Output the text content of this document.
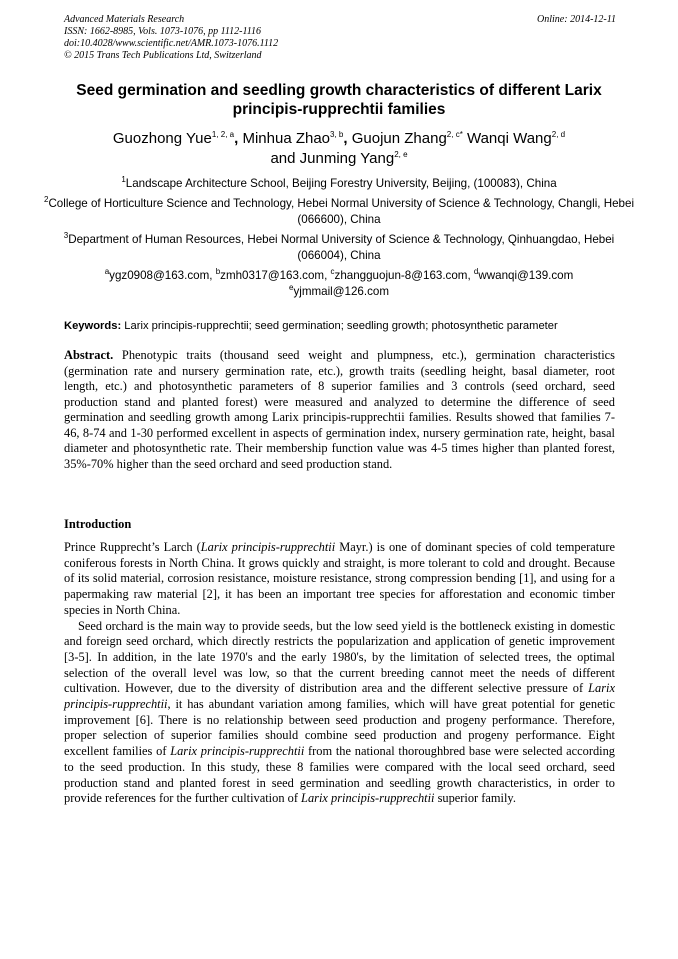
Advanced Materials Research
ISSN: 1662-8985, Vols. 1073-1076, pp 1112-1116
doi:10.4028/www.scientific.net/AMR.1073-1076.1112
© 2015 Trans Tech Publications Ltd, Switzerland
Online: 2014-12-11
Seed germination and seedling growth characteristics of different Larix
principis-rupprechtii families
Guozhong Yue$^{1, 2, a}$, Minhua Zhao$^{3, b}$, Guojun Zhang$^{2, c*}$ Wanqi Wang$^{2, d}$
and Junming Yang$^{2, e}$
$^1$Landscape Architecture School, Beijing Forestry University, Beijing, (100083), China
$^2$College of Horticulture Science and Technology, Hebei Normal University of Science & Technology, Changli, Hebei (066600), China
$^3$Department of Human Resources, Hebei Normal University of Science & Technology, Qinhuangdao, Hebei (066004), China
$^a$ygz0908@163.com, $^b$zmh0317@163.com, $^c$zhangguojun-8@163.com, $^d$wwanqi@139.com
$^e$yjmmail@126.com
Keywords: Larix principis-rupprechtii; seed germination; seedling growth; photosynthetic parameter
Abstract. Phenotypic traits (thousand seed weight and plumpness, etc.), germination characteristics (germination rate and nursery germination rate, etc.), growth traits (seedling height, basal diameter, root length, etc.) and photosynthetic parameters of 8 superior families and 3 controls (seed orchard, seed production stand and planted forest) were measured and analyzed to determine the difference of seed germination and seedling growth among Larix principis-rupprechtii families. Results showed that families 7-46, 8-74 and 1-30 performed excellent in aspects of germination index, nursery germination rate, height, basal diameter and photosynthetic rate. Their membership function value was 4-5 times higher than planted forest, 35%-70% higher than the seed orchard and seed production stand.
Introduction

Prince Rupprecht’s Larch (Larix principis-rupprechtii Mayr.) is one of dominant species of cold temperature coniferous forests in North China. It grows quickly and straight, is more tolerant to cold and drought. Because of its solid material, corrosion resistance, moisture resistance, strong compression bending [1], and using for a papermaking raw material [2], it has been an important tree species for afforestation and economic timber species in North China.

Seed orchard is the main way to provide seeds, but the low seed yield is the bottleneck existing in domestic and foreign seed orchard, which directly restricts the popularization and application of genetic improvement [3-5]. In addition, in the late 1970's and the early 1980's, by the limitation of selected trees, the optimal selection of the overall level was low, so that the current breeding cannot meet the needs of different cultivation. However, due to the diversity of distribution area and the different selective pressure of Larix principis-rupprechtii, it has abundant variation among families, which will have great potential for genetic improvement [6]. There is no relationship between seed production and progeny performance. Therefore, proper selection of superior families should combine seed production and progeny performance. Eight excellent families of Larix principis-rupprechtii from the national thoroughbred base were selected according to the seed production. In this study, these 8 families were compared with the local seed orchard, seed production stand and planted forest in seed germination and seedling growth characteristics, in order to provide references for the further cultivation of Larix principis-rupprechtii superior family.
